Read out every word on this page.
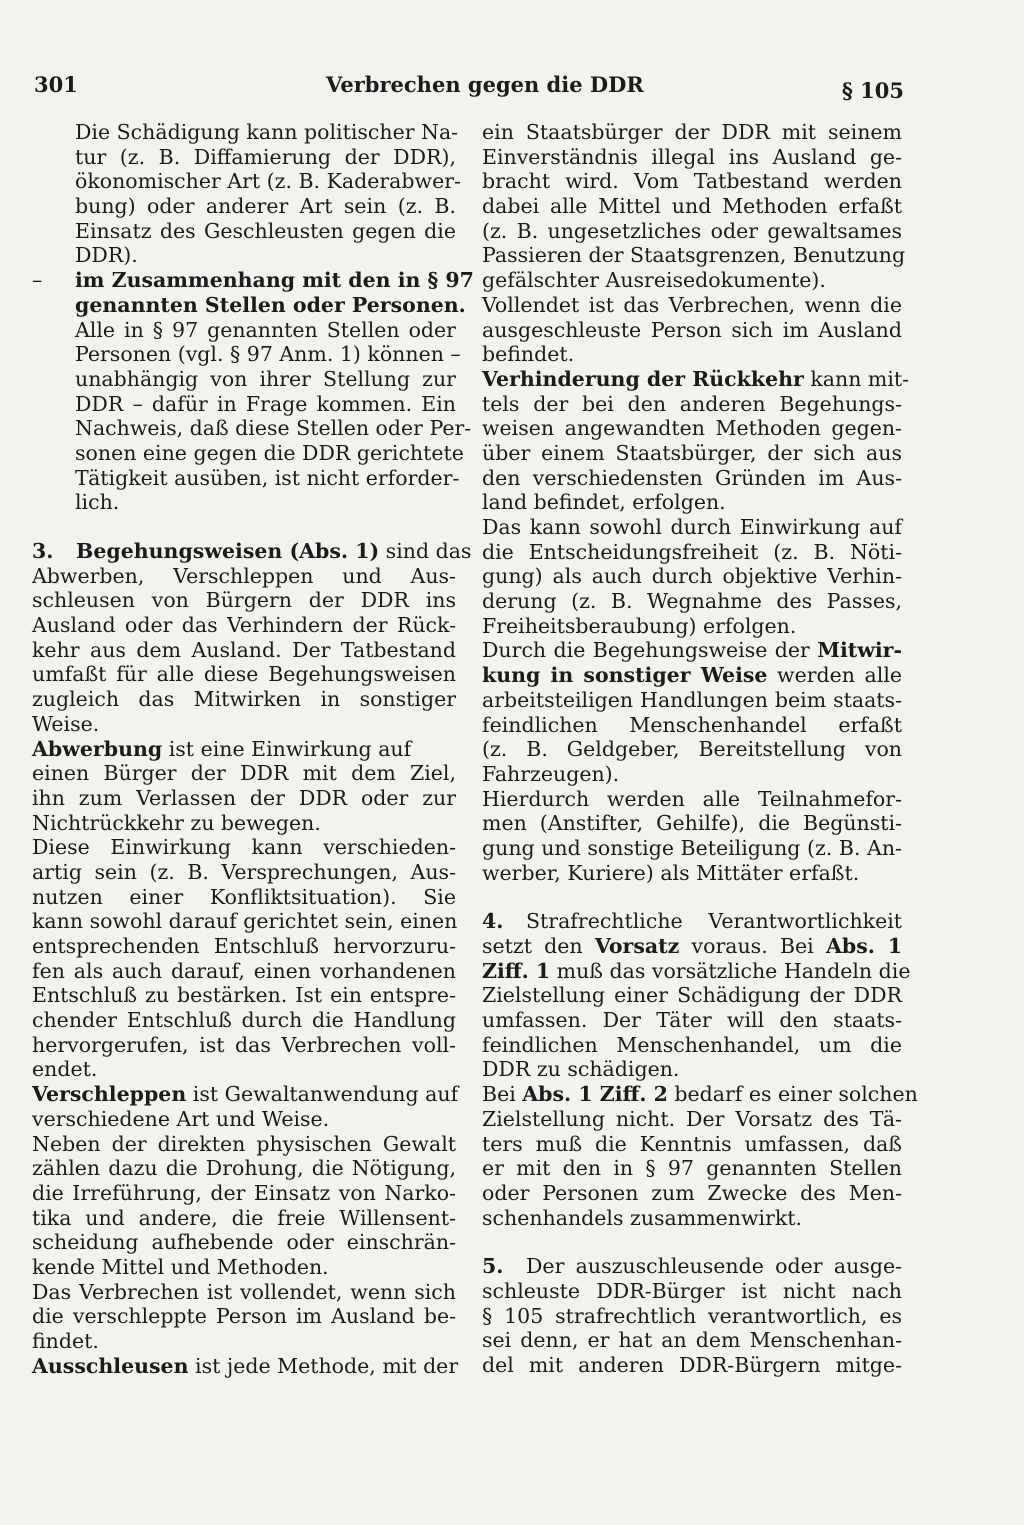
301	Verbrechen gegen die DDR	§ 105
Die Schädigung kann politischer Na-
tur (z. B. Diffamierung der DDR),
ökonomischer Art (z. B. Kaderabwer-
bung) oder anderer Art sein (z. B.
Einsatz des Geschleusten gegen die
DDR).
– im Zusammenhang mit den in § 97
genannten Stellen oder Personen.
Alle in § 97 genannten Stellen oder
Personen (vgl. § 97 Anm. 1) können –
unabhängig von ihrer Stellung zur
DDR – dafür in Frage kommen. Ein
Nachweis, daß diese Stellen oder Per-
sonen eine gegen die DDR gerichtete
Tätigkeit ausüben, ist nicht erforder-
lich.
3. Begehungsweisen (Abs. 1) sind das
Abwerben, Verschleppen und Aus-
schleusen von Bürgern der DDR ins
Ausland oder das Verhindern der Rück-
kehr aus dem Ausland. Der Tatbestand
umfaßt für alle diese Begehungsweisen
zugleich das Mitwirken in sonstiger
Weise.
Abwerbung ist eine Einwirkung auf
einen Bürger der DDR mit dem Ziel,
ihn zum Verlassen der DDR oder zur
Nichtrückkehr zu bewegen.
Diese Einwirkung kann verschieden-
artig sein (z. B. Versprechungen, Aus-
nutzen einer Konfliktsituation). Sie
kann sowohl darauf gerichtet sein, einen
entsprechenden Entschluß hervorzuru-
fen als auch darauf, einen vorhandenen
Entschluß zu bestärken. Ist ein entspre-
chender Entschluß durch die Handlung
hervorgerufen, ist das Verbrechen voll-
endet.
Verschleppen ist Gewaltanwendung auf
verschiedene Art und Weise.
Neben der direkten physischen Gewalt
zählen dazu die Drohung, die Nötigung,
die Irreführung, der Einsatz von Narko-
tika und andere, die freie Willensent-
scheidung aufhebende oder einschrän-
kende Mittel und Methoden.
Das Verbrechen ist vollendet, wenn sich
die verschleppte Person im Ausland be-
findet.
Ausschleusen ist jede Methode, mit der
ein Staatsbürger der DDR mit seinem
Einverständnis illegal ins Ausland ge-
bracht wird. Vom Tatbestand werden
dabei alle Mittel und Methoden erfaßt
(z. B. ungesetzliches oder gewaltsames
Passieren der Staatsgrenzen, Benutzung
gefälschter Ausreisedokumente).
Vollendet ist das Verbrechen, wenn die
ausgeschleuste Person sich im Ausland
befindet.
Verhinderung der Rückkehr kann mit-
tels der bei den anderen Begehungs-
weisen angewandten Methoden gegen-
über einem Staatsbürger, der sich aus
den verschiedensten Gründen im Aus-
land befindet, erfolgen.
Das kann sowohl durch Einwirkung auf
die Entscheidungsfreiheit (z. B. Nöti-
gung) als auch durch objektive Verhin-
derung (z. B. Wegnahme des Passes,
Freiheitsberaubung) erfolgen.
Durch die Begehungsweise der Mitwir-
kung in sonstiger Weise werden alle
arbeitsteiligen Handlungen beim staats-
feindlichen Menschenhandel erfaßt
(z. B. Geldgeber, Bereitstellung von
Fahrzeugen).
Hierdurch werden alle Teilnahmefor-
men (Anstifter, Gehilfe), die Begünsti-
gung und sonstige Beteiligung (z. B. An-
werber, Kuriere) als Mittäter erfaßt.
4. Strafrechtliche Verantwortlichkeit
setzt den Vorsatz voraus. Bei Abs. 1
Ziff. 1 muß das vorsätzliche Handeln die
Zielstellung einer Schädigung der DDR
umfassen. Der Täter will den staats-
feindlichen Menschenhandel, um die
DDR zu schädigen.
Bei Abs. 1 Ziff. 2 bedarf es einer solchen
Zielstellung nicht. Der Vorsatz des Tä-
ters muß die Kenntnis umfassen, daß
er mit den in § 97 genannten Stellen
oder Personen zum Zwecke des Men-
schenhandels zusammenwirkt.
5. Der auszuschleusende oder ausge-
schleuste DDR-Bürger ist nicht nach
§ 105 strafrechtlich verantwortlich, es
sei denn, er hat an dem Menschenhan-
del mit anderen DDR-Bürgern mitge-
